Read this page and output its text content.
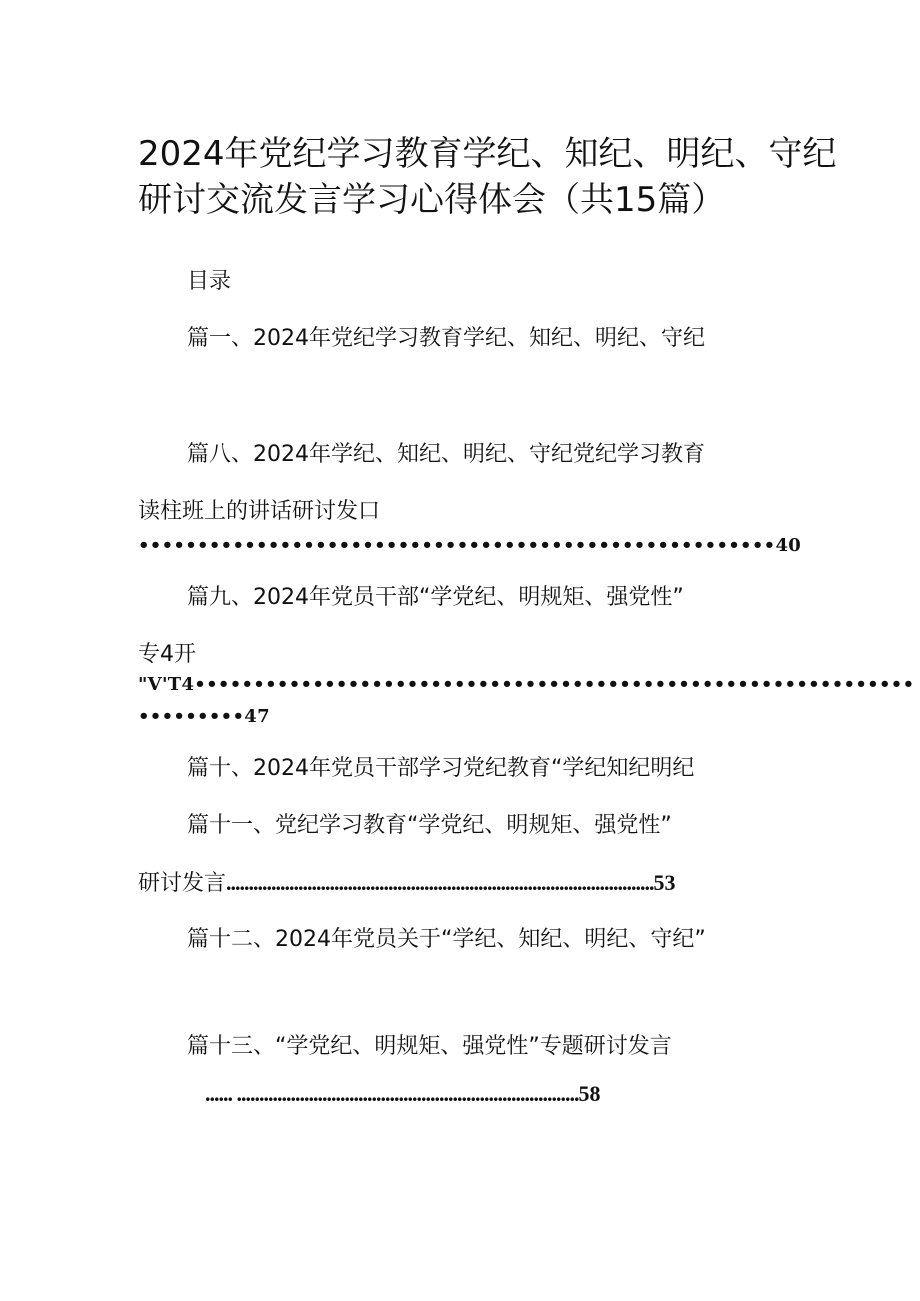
2024年党纪学习教育学纪、知纪、明纪、守纪
研讨交流发言学习心得体会（共15篇）
目录
篇一、2024年党纪学习教育学纪、知纪、明纪、守纪
篇八、2024年学纪、知纪、明纪、守纪党纪学习教育
读柱班上的讲话研讨发口
••••••••••••••••••••••••••••••••••••••••••••••••••••••40
篇九、2024年党员干部“学党纪、明规矩、强党性”
专4开
"V'T4•••••••••••••••••••••••••••••••••••••••••••••••••••••••••••••
•••••••••47
篇十、2024年党员干部学习党纪教育“学纪知纪明纪
篇十一、党纪学习教育“学党纪、明规矩、强党性”
研讨发言...............................................................................................53
篇十二、2024年党员关于“学纪、知纪、明纪、守纪”
篇十三、“学党纪、明规矩、强党性”专题研讨发言
...... ............................................................................58
